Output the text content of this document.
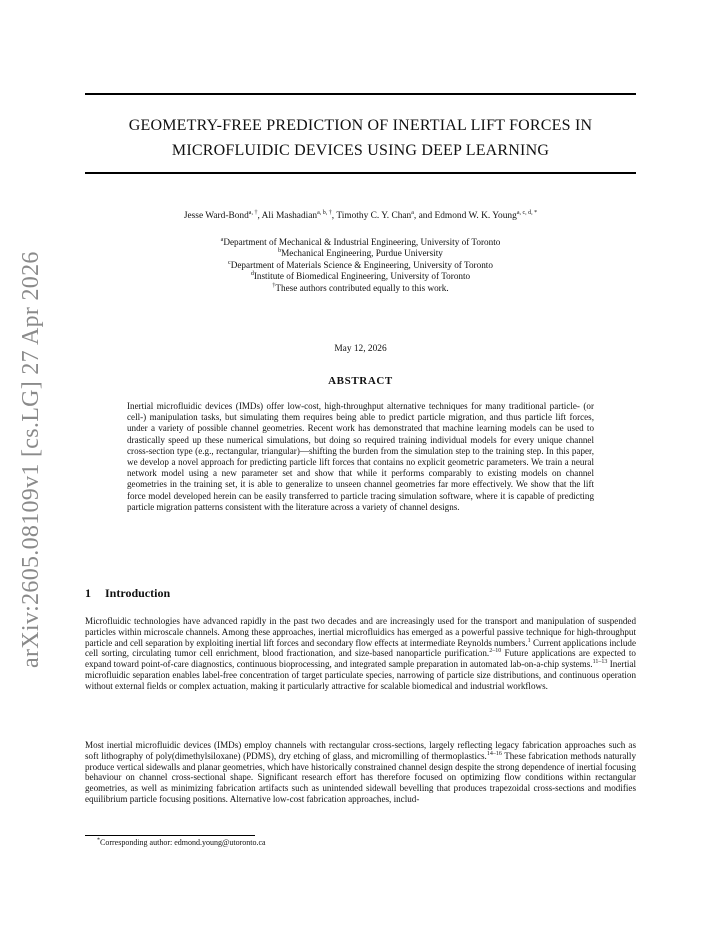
arXiv:2605.08109v1 [cs.LG] 27 Apr 2026
GEOMETRY-FREE PREDICTION OF INERTIAL LIFT FORCES IN MICROFLUIDIC DEVICES USING DEEP LEARNING
Jesse Ward-Bond$^{a, \dagger}$, Ali Mashadian$^{a, b, \dagger}$, Timothy C. Y. Chan$^a$, and Edmond W. K. Young$^{a, c, d, *}$
$^a$Department of Mechanical & Industrial Engineering, University of Toronto
$^b$Mechanical Engineering, Purdue University
$^c$Department of Materials Science & Engineering, University of Toronto
$^d$Institute of Biomedical Engineering, University of Toronto
†These authors contributed equally to this work.
May 12, 2026
ABSTRACT
Inertial microfluidic devices (IMDs) offer low-cost, high-throughput alternative techniques for many traditional particle- (or cell-) manipulation tasks, but simulating them requires being able to predict particle migration, and thus particle lift forces, under a variety of possible channel geometries. Recent work has demonstrated that machine learning models can be used to drastically speed up these numerical simulations, but doing so required training individual models for every unique channel cross-section type (e.g., rectangular, triangular)—shifting the burden from the simulation step to the training step. In this paper, we develop a novel approach for predicting particle lift forces that contains no explicit geometric parameters. We train a neural network model using a new parameter set and show that while it performs comparably to existing models on channel geometries in the training set, it is able to generalize to unseen channel geometries far more effectively. We show that the lift force model developed herein can be easily transferred to particle tracing simulation software, where it is capable of predicting particle migration patterns consistent with the literature across a variety of channel designs.
1 Introduction
Microfluidic technologies have advanced rapidly in the past two decades and are increasingly used for the transport and manipulation of suspended particles within microscale channels. Among these approaches, inertial microfluidics has emerged as a powerful passive technique for high-throughput particle and cell separation by exploiting inertial lift forces and secondary flow effects at intermediate Reynolds numbers.$^1$ Current applications include cell sorting, circulating tumor cell enrichment, blood fractionation, and size-based nanoparticle purification.$^{2-10}$ Future applications are expected to expand toward point-of-care diagnostics, continuous bioprocessing, and integrated sample preparation in automated lab-on-a-chip systems.$^{11-13}$ Inertial microfluidic separation enables label-free concentration of target particulate species, narrowing of particle size distributions, and continuous operation without external fields or complex actuation, making it particularly attractive for scalable biomedical and industrial workflows.
Most inertial microfluidic devices (IMDs) employ channels with rectangular cross-sections, largely reflecting legacy fabrication approaches such as soft lithography of poly(dimethylsiloxane) (PDMS), dry etching of glass, and micromilling of thermoplastics.$^{14-16}$ These fabrication methods naturally produce vertical sidewalls and planar geometries, which have historically constrained channel design despite the strong dependence of inertial focusing behaviour on channel cross-sectional shape. Significant research effort has therefore focused on optimizing flow conditions within rectangular geometries, as well as minimizing fabrication artifacts such as unintended sidewall bevelling that produces trapezoidal cross-sections and modifies equilibrium particle focusing positions. Alternative low-cost fabrication approaches, includ-
*Corresponding author: edmond.young@utoronto.ca
